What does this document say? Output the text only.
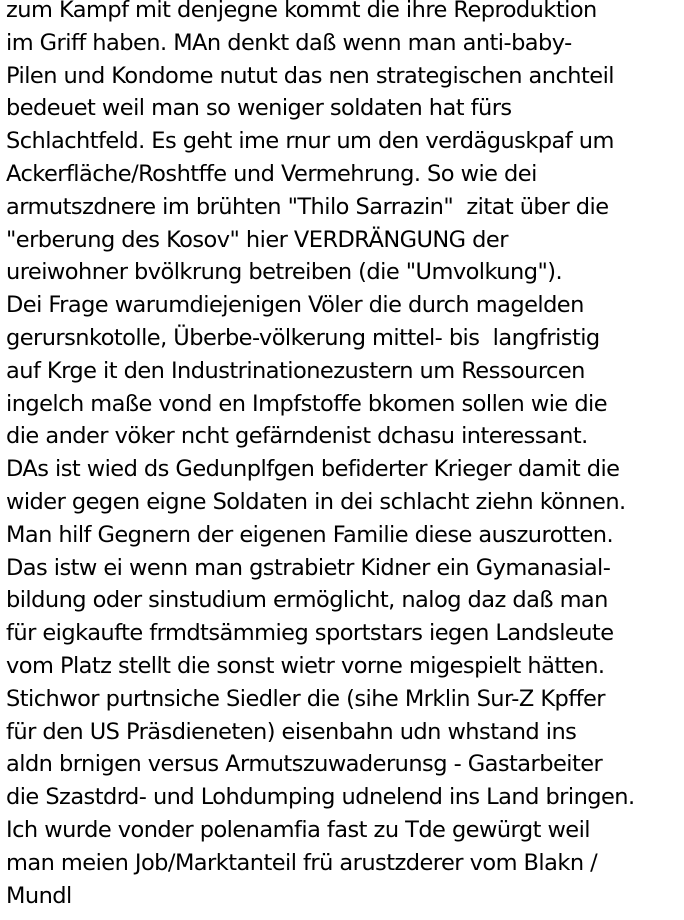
zum Kampf mit denjegne kommt die ihre Reproduktion
im Griff haben. MAn denkt daß wenn man anti-baby-
Pilen und Kondome nutut das nen strategischen anchteil
bedeuet weil man so weniger soldaten hat fürs
Schlachtfeld. Es geht ime rnur um den verdäguskpaf um
Ackerfläche/Roshtffe und Vermehrung. So wie dei
armutszdnere im brühten "Thilo Sarrazin"  zitat über die
"erberung des Kosov" hier VERDRÄNGUNG der
ureiwohner bvölkrung betreiben (die "Umvolkung").
Dei Frage warumdiejenigen Völer die durch magelden
gerursnkotolle, Überbe-völkerung mittel- bis  langfristig
auf Krge it den Industrinationezustern um Ressourcen
ingelch maße vond en Impfstoffe bkomen sollen wie die
die ander vöker ncht gefärndenist dchasu interessant.
DAs ist wied ds Gedunplfgen befiderter Krieger damit die
wider gegen eigne Soldaten in dei schlacht ziehn können.
Man hilf Gegnern der eigenen Familie diese auszurotten.
Das istw ei wenn man gstrabietr Kidner ein Gymanasial-
bildung oder sinstudium ermöglicht, nalog daz daß man
für eigkaufte frmdtsämmieg sportstars iegen Landsleute
vom Platz stellt die sonst wietr vorne migespielt hätten.
Stichwor purtnsiche Siedler die (sihe Mrklin Sur-Z Kpffer
für den US Präsdieneten) eisenbahn udn whstand ins
aldn brnigen versus Armutszuwaderunsg - Gastarbeiter
die Szastdrd- und Lohdumping udnelend ins Land bringen.
Ich wurde vonder polenamfia fast zu Tde gewürgt weil
man meien Job/Marktanteil frü arustzderer vom Blakn /
Mundl
